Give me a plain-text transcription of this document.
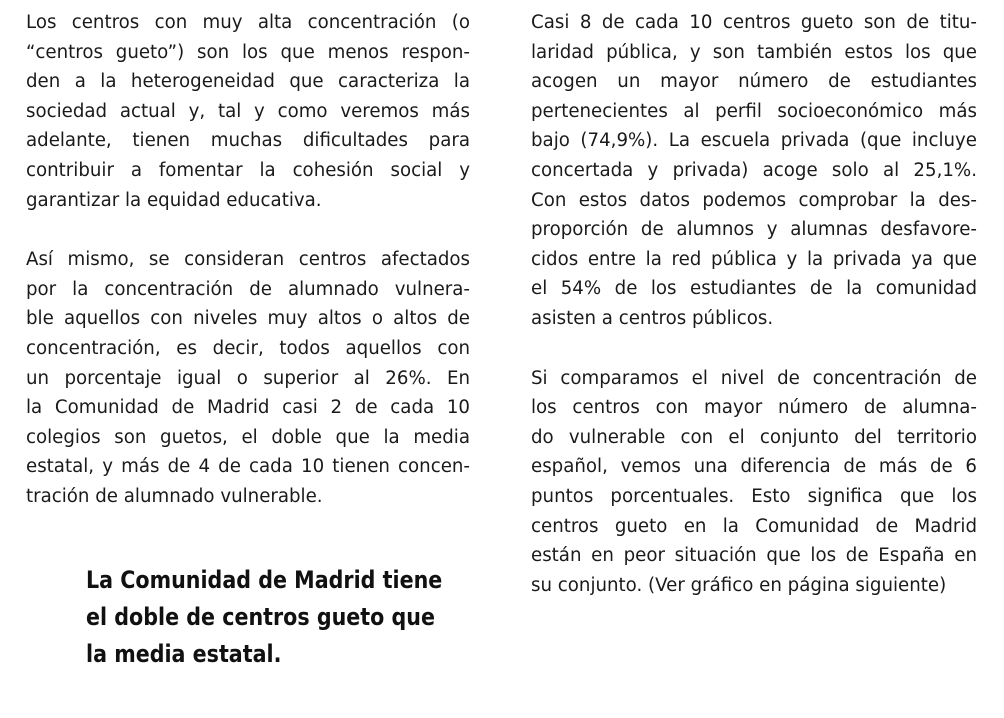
Los centros con muy alta concentración (o
“centros gueto”) son los que menos respon-
den a la heterogeneidad que caracteriza la
sociedad actual y, tal y como veremos más
adelante, tienen muchas dificultades para
contribuir a fomentar la cohesión social y
garantizar la equidad educativa.
Así mismo, se consideran centros afectados
por la concentración de alumnado vulnera-
ble aquellos con niveles muy altos o altos de
concentración, es decir, todos aquellos con
un porcentaje igual o superior al 26%. En
la Comunidad de Madrid casi 2 de cada 10
colegios son guetos, el doble que la media
estatal, y más de 4 de cada 10 tienen concen-
tración de alumnado vulnerable.
La Comunidad de Madrid tiene
el doble de centros gueto que
la media estatal.
Casi 8 de cada 10 centros gueto son de titu-
laridad pública, y son también estos los que
acogen un mayor número de estudiantes
pertenecientes al perfil socioeconómico más
bajo (74,9%). La escuela privada (que incluye
concertada y privada) acoge solo al 25,1%.
Con estos datos podemos comprobar la des-
proporción de alumnos y alumnas desfavore-
cidos entre la red pública y la privada ya que
el 54% de los estudiantes de la comunidad
asisten a centros públicos.
Si comparamos el nivel de concentración de
los centros con mayor número de alumna-
do vulnerable con el conjunto del territorio
español, vemos una diferencia de más de 6
puntos porcentuales. Esto significa que los
centros gueto en la Comunidad de Madrid
están en peor situación que los de España en
su conjunto. (Ver gráfico en página siguiente)
